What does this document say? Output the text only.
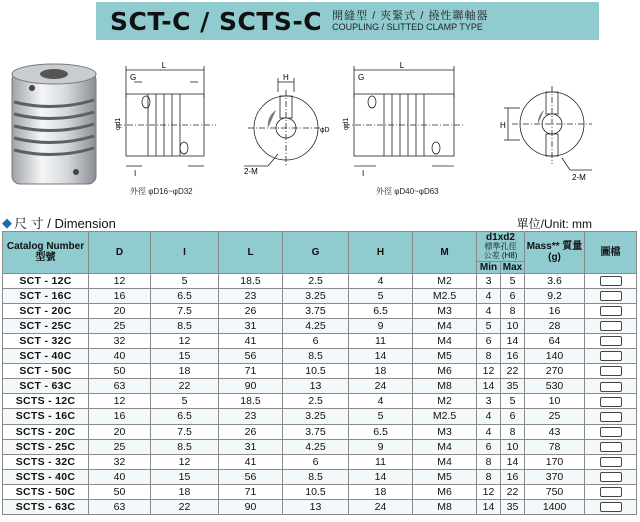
SCT-C / SCTS-C 開縫型 / 夾緊式 / 撓性聯軸器
COUPLING / SLITTED CLAMP TYPE
L
G
I
φd1
H
2-M
φD
L
G
I
φd1	H
2-M
外徑 φD16~φD32	外徑 φD40~φD63
◆ 尺 寸 / Dimension	單位/Unit: mm
Catalog Number 型號	D	I	L	G	H	M	d1xd2
標準孔徑
公差 (H8)		Mass** 質量 (g)	圖檔
							Min	Max		
SCT - 12C	12	5	18.5	2.5	4	M2	3	5	3.6	
SCT - 16C	16	6.5	23	3.25	5	M2.5	4	6	9.2	
SCT - 20C	20	7.5	26	3.75	6.5	M3	4	8	16	
SCT - 25C	25	8.5	31	4.25	9	M4	5	10	28	
SCT - 32C	32	12	41	6	11	M4	6	14	64	
SCT - 40C	40	15	56	8.5	14	M5	8	16	140	
SCT - 50C	50	18	71	10.5	18	M6	12	22	270	
SCT - 63C	63	22	90	13	24	M8	14	35	530	
SCTS - 12C	12	5	18.5	2.5	4	M2	3	5	10	
SCTS - 16C	16	6.5	23	3.25	5	M2.5	4	6	25	
SCTS - 20C	20	7.5	26	3.75	6.5	M3	4	8	43	
SCTS - 25C	25	8.5	31	4.25	9	M4	6	10	78	
SCTS - 32C	32	12	41	6	11	M4	8	14	170	
SCTS - 40C	40	15	56	8.5	14	M5	8	16	370	
SCTS - 50C	50	18	71	10.5	18	M6	12	22	750	
SCTS - 63C	63	22	90	13	24	M8	14	35	1400	
